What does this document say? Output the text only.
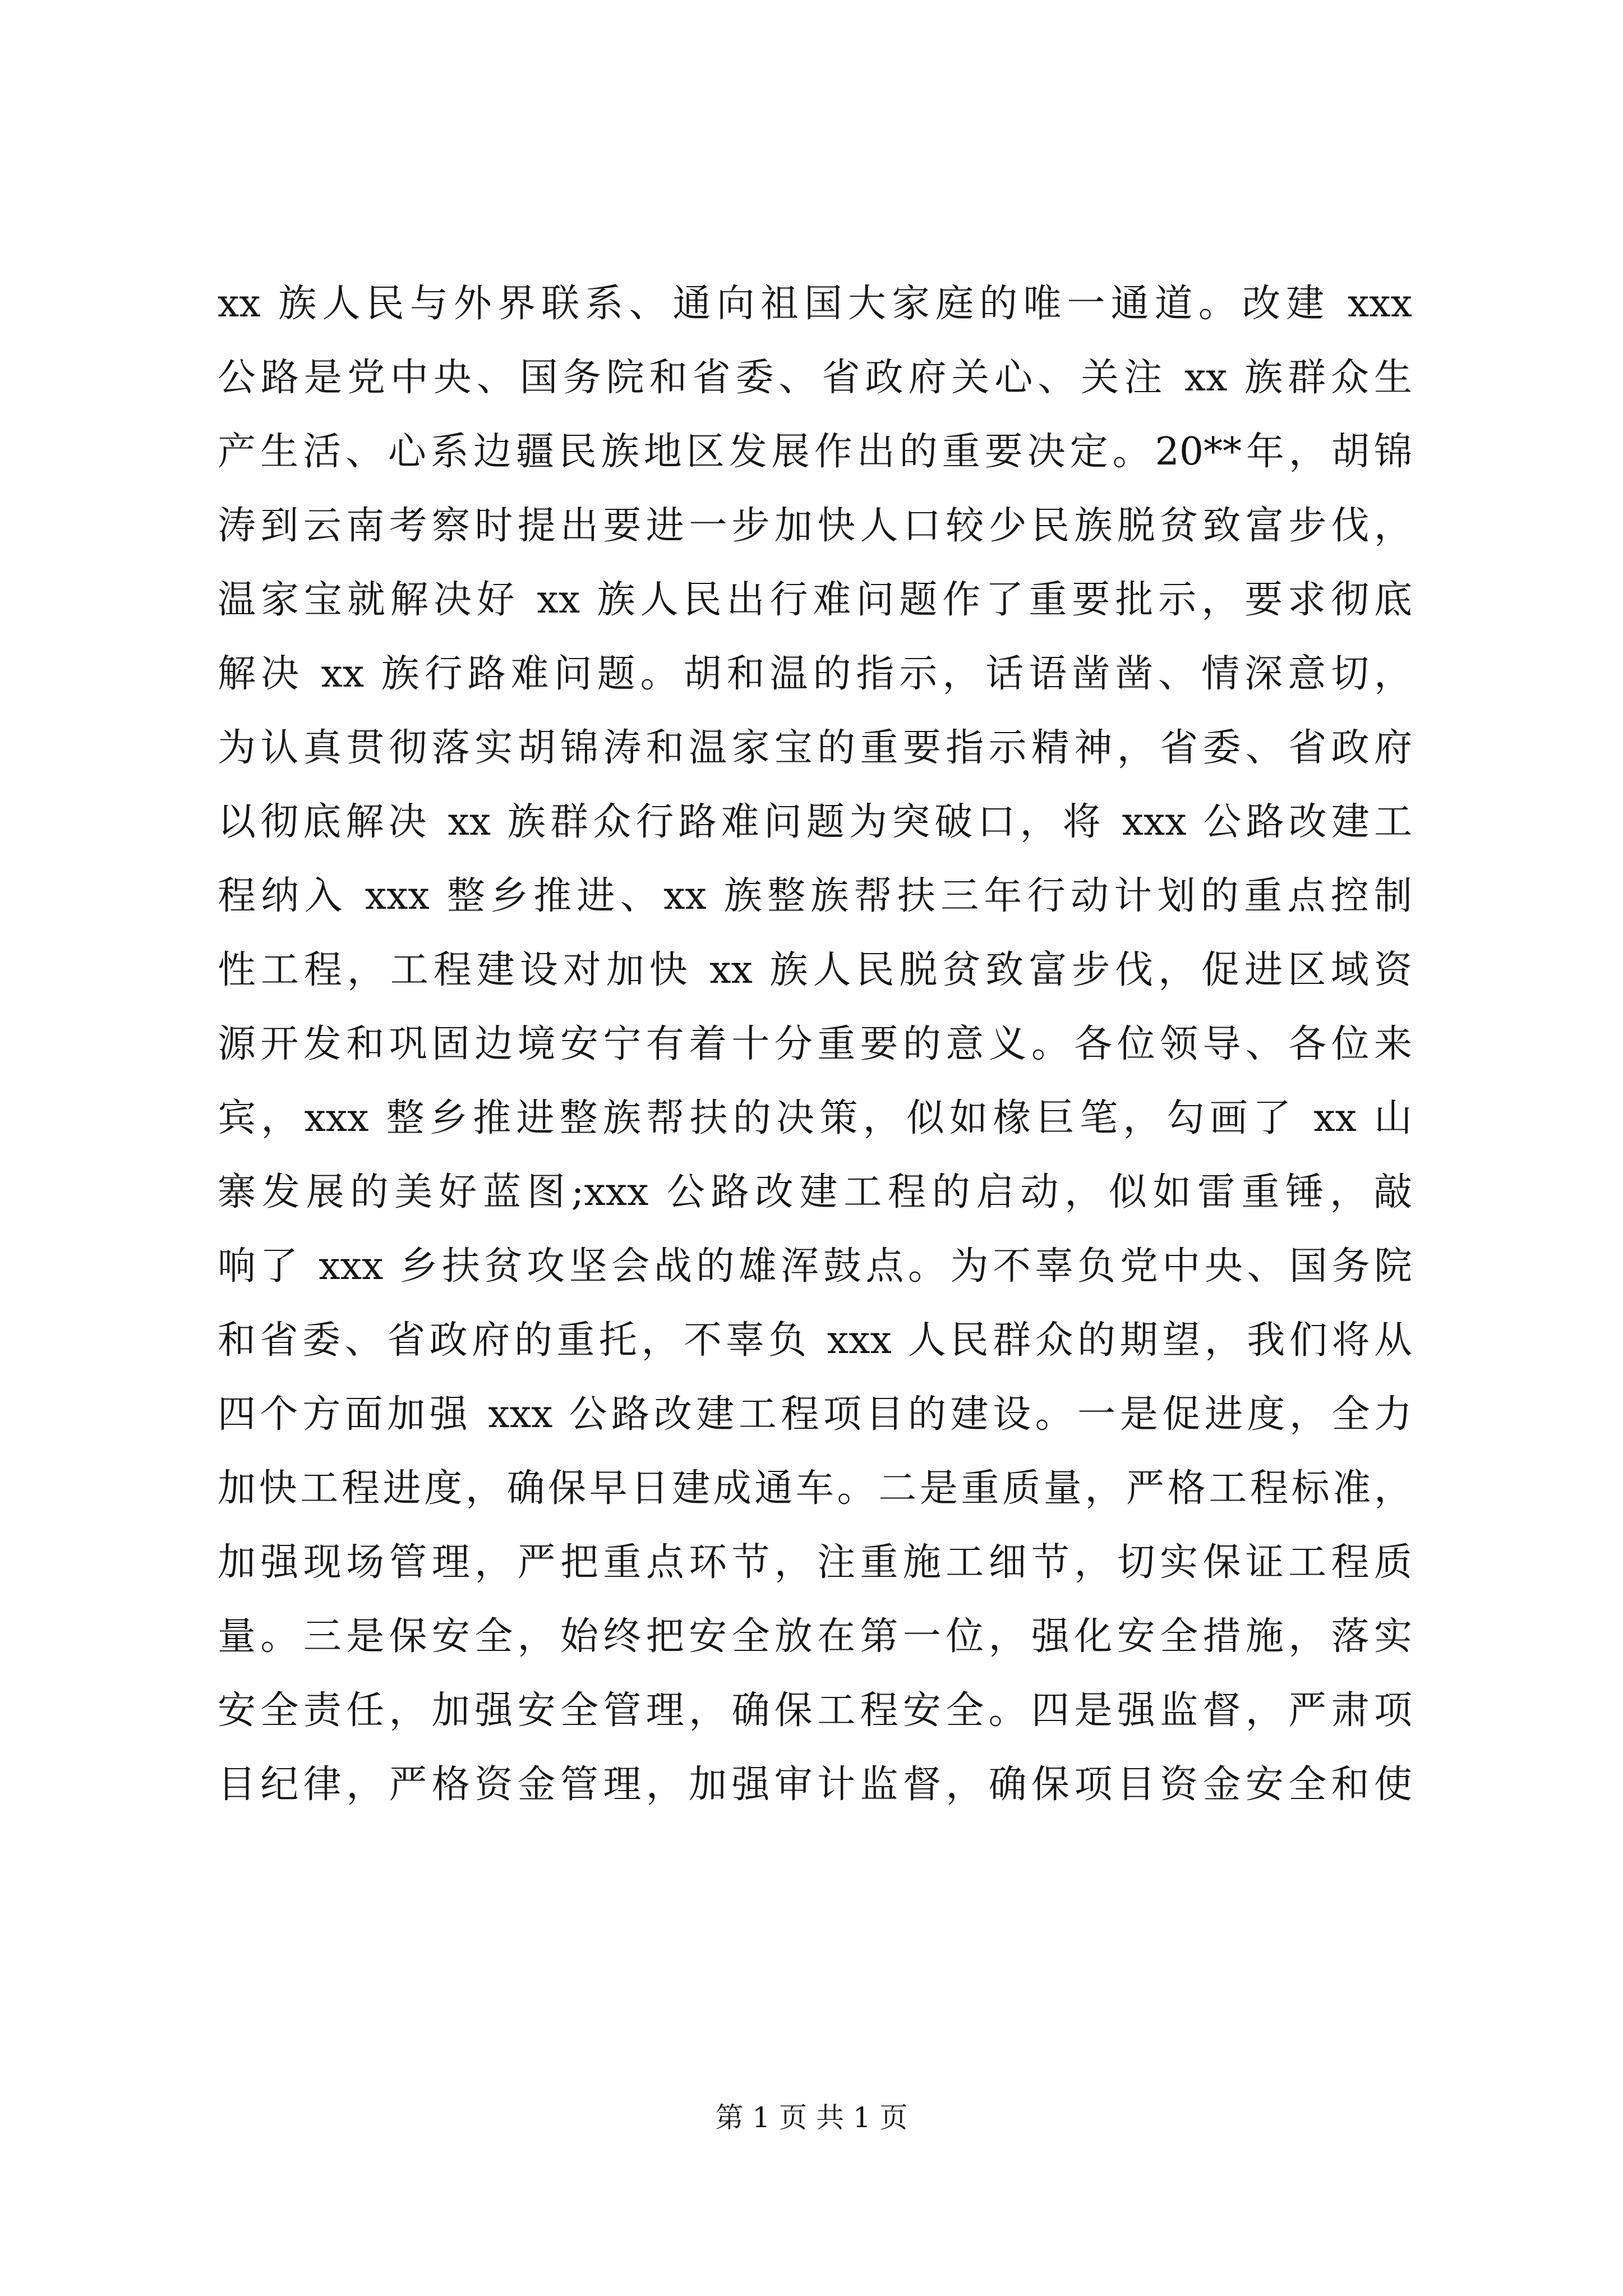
xx 族人民与外界联系、通向祖国大家庭的唯一通道。改建 xxx
公路是党中央、国务院和省委、省政府关心、关注 xx 族群众生
产生活、心系边疆民族地区发展作出的重要决定。20**年，胡锦
涛到云南考察时提出要进一步加快人口较少民族脱贫致富步伐，
温家宝就解决好 xx 族人民出行难问题作了重要批示，要求彻底
解决 xx 族行路难问题。胡和温的指示，话语凿凿、情深意切，
为认真贯彻落实胡锦涛和温家宝的重要指示精神，省委、省政府
以彻底解决 xx 族群众行路难问题为突破口，将 xxx 公路改建工
程纳入 xxx 整乡推进、xx 族整族帮扶三年行动计划的重点控制
性工程，工程建设对加快 xx 族人民脱贫致富步伐，促进区域资
源开发和巩固边境安宁有着十分重要的意义。各位领导、各位来
宾，xxx 整乡推进整族帮扶的决策，似如椽巨笔，勾画了 xx 山
寨发展的美好蓝图;xxx 公路改建工程的启动，似如雷重锤，敲
响了 xxx 乡扶贫攻坚会战的雄浑鼓点。为不辜负党中央、国务院
和省委、省政府的重托，不辜负 xxx 人民群众的期望，我们将从
四个方面加强 xxx 公路改建工程项目的建设。一是促进度，全力
加快工程进度，确保早日建成通车。二是重质量，严格工程标准，
加强现场管理，严把重点环节，注重施工细节，切实保证工程质
量。三是保安全，始终把安全放在第一位，强化安全措施，落实
安全责任，加强安全管理，确保工程安全。四是强监督，严肃项
目纪律，严格资金管理，加强审计监督，确保项目资金安全和使
第 1 页 共 1 页
